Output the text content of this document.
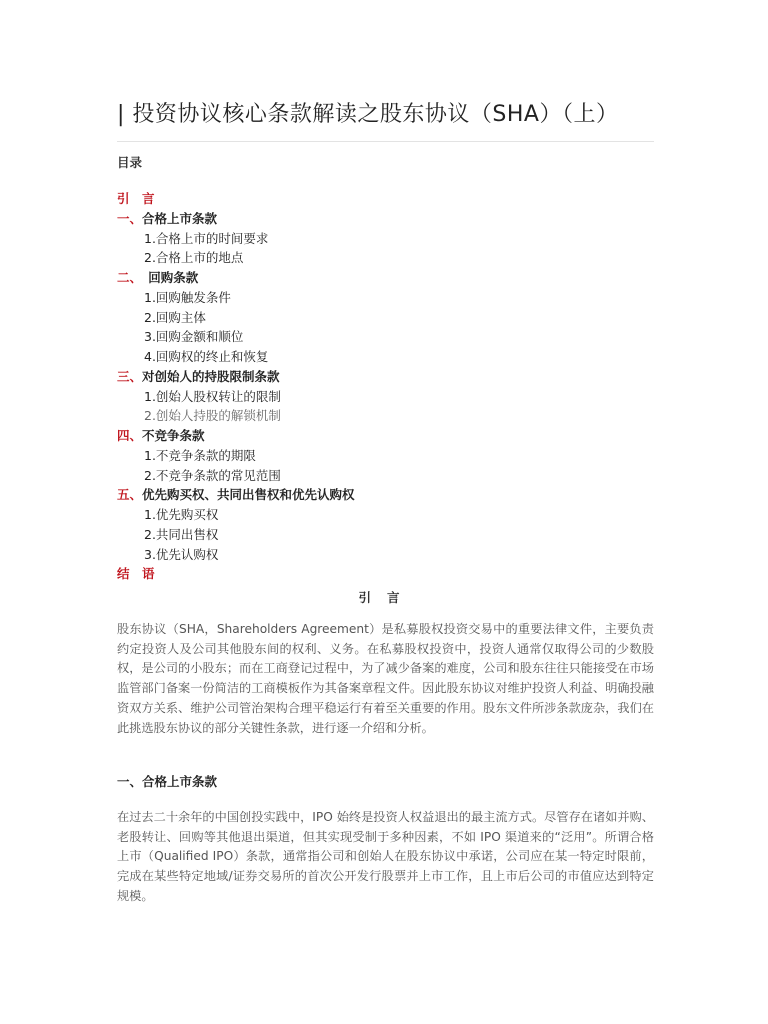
| 投资协议核心条款解读之股东协议（SHA）（上）
目录
引　言
一、合格上市条款
1.合格上市的时间要求
2.合格上市的地点
二、　回购条款
1.回购触发条件
2.回购主体
3.回购金额和顺位
4.回购权的终止和恢复
三、对创始人的持股限制条款
1.创始人股权转让的限制
2.创始人持股的解锁机制
四、不竞争条款
1.不竞争条款的期限
2.不竞争条款的常见范围
五、优先购买权、共同出售权和优先认购权
1.优先购买权
2.共同出售权
3.优先认购权
结　语
引言

股东协议（SHA，Shareholders Agreement）是私募股权投资交易中的重要法律文件，主要负责约定投资人及公司其他股东间的权利、义务。在私募股权投资中，投资人通常仅取得公司的少数股权，是公司的小股东；而在工商登记过程中，为了减少备案的难度，公司和股东往往只能接受在市场监管部门备案一份简洁的工商模板作为其备案章程文件。因此股东协议对维护投资人利益、明确投融资双方关系、维护公司管治架构合理平稳运行有着至关重要的作用。股东文件所涉条款庞杂，我们在此挑选股东协议的部分关键性条款，进行逐一介绍和分析。

一、合格上市条款

在过去二十余年的中国创投实践中，IPO 始终是投资人权益退出的最主流方式。尽管存在诸如并购、老股转让、回购等其他退出渠道，但其实现受制于多种因素，不如 IPO 渠道来的“泛用”。所谓合格上市（Qualified IPO）条款，通常指公司和创始人在股东协议中承诺，公司应在某一特定时限前，完成在某些特定地域/证券交易所的首次公开发行股票并上市工作，且上市后公司的市值应达到特定规模。
